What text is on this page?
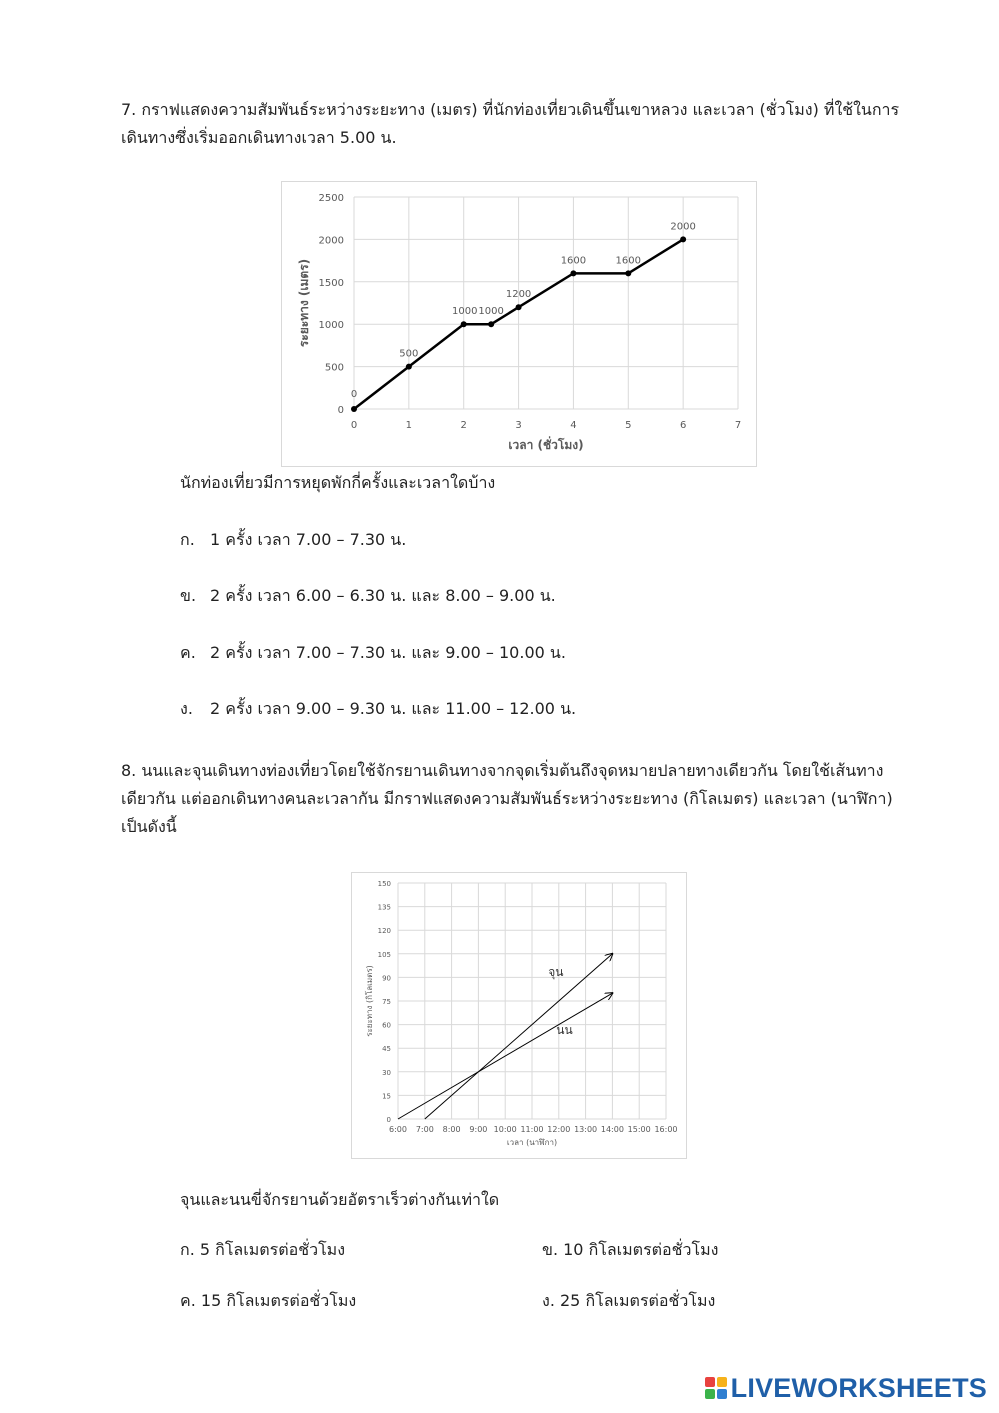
7. กราฟแสดงความสัมพันธ์ระหว่างระยะทาง (เมตร) ที่นักท่องเที่ยวเดินขึ้นเขาหลวง และเวลา (ชั่วโมง) ที่ใช้ในการ
เดินทางซึ่งเริ่มออกเดินทางเวลา 5.00 น.
0	1	2	3	4	5	6	7
0
500
1000
1500
2000
2500
เวลา (ชั่วโมง)
ระยะทาง (เมตร)
0
500
1000 1000
1200
1600	1600
2000
นักท่องเที่ยวมีการหยุดพักกี่ครั้งและเวลาใดบ้าง
ก. 1 ครั้ง เวลา 7.00 – 7.30 น.
ข. 2 ครั้ง เวลา 6.00 – 6.30 น. และ 8.00 – 9.00 น.
ค. 2 ครั้ง เวลา 7.00 – 7.30 น. และ 9.00 – 10.00 น.
ง. 2 ครั้ง เวลา 9.00 – 9.30 น. และ 11.00 – 12.00 น.
8. นนและจุนเดินทางท่องเที่ยวโดยใช้จักรยานเดินทางจากจุดเริ่มต้นถึงจุดหมายปลายทางเดียวกัน โดยใช้เส้นทาง
เดียวกัน แต่ออกเดินทางคนละเวลากัน มีกราฟแสดงความสัมพันธ์ระหว่างระยะทาง (กิโลเมตร) และเวลา (นาฬิกา)
เป็นดังนี้
6:00 7:00 8:00 9:00 10:00 11:00 12:00 13:00 14:00 15:00 16:00
0
15
30
45
60
75
90
105
120
135
150
เวลา (นาฬิกา)
ระยะทาง (กิโลเมตร)	จุน
นน
จุนและนนขี่จักรยานด้วยอัตราเร็วต่างกันเท่าใด
ก. 5 กิโลเมตรต่อชั่วโมง	ข. 10 กิโลเมตรต่อชั่วโมง
ค. 15 กิโลเมตรต่อชั่วโมง	ง. 25 กิโลเมตรต่อชั่วโมง
LIVEWORKSHEETS
